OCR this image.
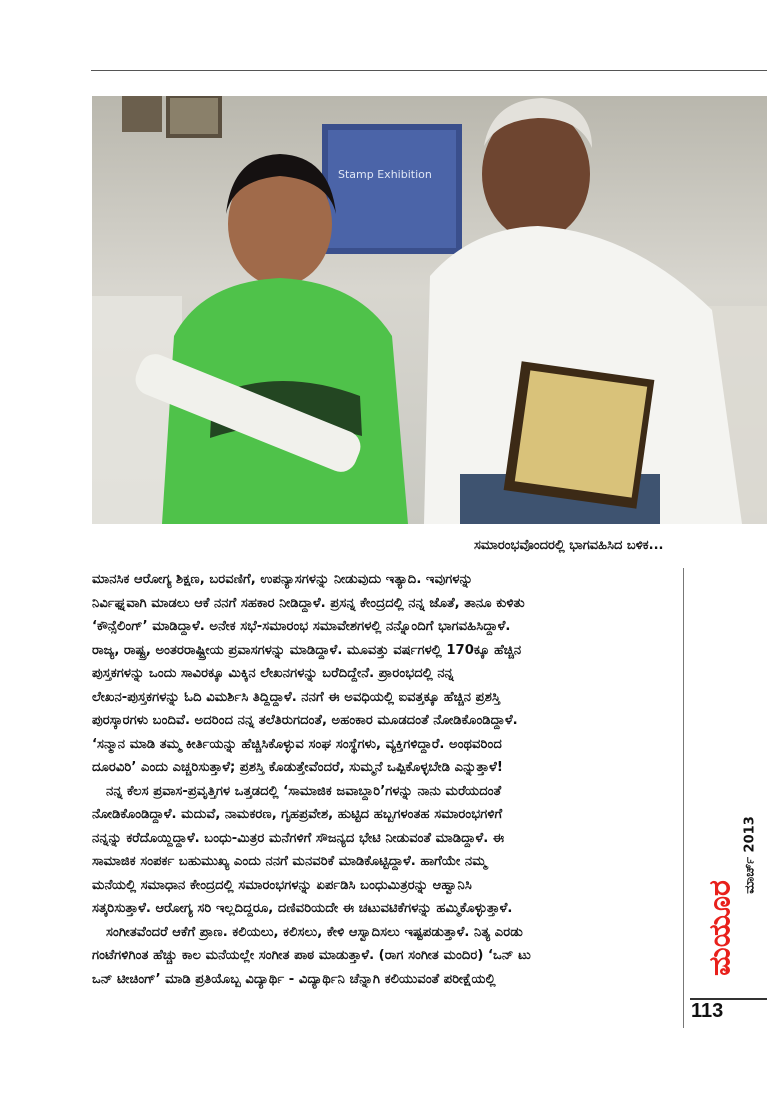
Stamp Exhibition
ಸಮಾರಂಭವೊಂದರಲ್ಲಿ ಭಾಗವಹಿಸಿದ ಬಳಿಕ...
ಮಾನಸಿಕ ಆರೋಗ್ಯ ಶಿಕ್ಷಣ, ಬರವಣಿಗೆ, ಉಪನ್ಯಾಸಗಳನ್ನು ನೀಡುವುದು ಇತ್ಯಾದಿ. ಇವುಗಳನ್ನು
ನಿರ್ವಿಘ್ನವಾಗಿ ಮಾಡಲು ಆಕೆ ನನಗೆ ಸಹಕಾರ ನೀಡಿದ್ದಾಳೆ. ಪ್ರಸನ್ನ ಕೇಂದ್ರದಲ್ಲಿ ನನ್ನ ಜೊತೆ, ತಾನೂ ಕುಳಿತು
‘ಕೌನ್ಸೆಲಿಂಗ್’ ಮಾಡಿದ್ದಾಳೆ. ಅನೇಕ ಸಭೆ-ಸಮಾರಂಭ ಸಮಾವೇಶಗಳಲ್ಲಿ ನನ್ನೊಂದಿಗೆ ಭಾಗವಹಿಸಿದ್ದಾಳೆ.
ರಾಜ್ಯ, ರಾಷ್ಟ್ರ, ಅಂತರರಾಷ್ಟ್ರೀಯ ಪ್ರವಾಸಗಳನ್ನು ಮಾಡಿದ್ದಾಳೆ. ಮೂವತ್ತು ವರ್ಷಗಳಲ್ಲಿ 170ಕ್ಕೂ ಹೆಚ್ಚಿನ
ಪುಸ್ತಕಗಳನ್ನು ಒಂದು ಸಾವಿರಕ್ಕೂ ಮಿಕ್ಕಿನ ಲೇಖನಗಳನ್ನು ಬರೆದಿದ್ದೇನೆ. ಪ್ರಾರಂಭದಲ್ಲಿ ನನ್ನ
ಲೇಖನ-ಪುಸ್ತಕಗಳನ್ನು ಓದಿ ವಿಮರ್ಶಿಸಿ ತಿದ್ದಿದ್ದಾಳೆ. ನನಗೆ ಈ ಅವಧಿಯಲ್ಲಿ ಐವತ್ತಕ್ಕೂ ಹೆಚ್ಚಿನ ಪ್ರಶಸ್ತಿ
ಪುರಸ್ಕಾರಗಳು ಬಂದಿವೆ. ಅದರಿಂದ ನನ್ನ ತಲೆತಿರುಗದಂತೆ, ಅಹಂಕಾರ ಮೂಡದಂತೆ ನೋಡಿಕೊಂಡಿದ್ದಾಳೆ.
‘ಸನ್ಮಾನ ಮಾಡಿ ತಮ್ಮ ಕೀರ್ತಿಯನ್ನು ಹೆಚ್ಚಿಸಿಕೊಳ್ಳುವ ಸಂಘ ಸಂಸ್ಥೆಗಳು, ವ್ಯಕ್ತಿಗಳಿದ್ದಾರೆ. ಅಂಥವರಿಂದ
ದೂರವಿರಿ’ ಎಂದು ಎಚ್ಚರಿಸುತ್ತಾಳೆ; ಪ್ರಶಸ್ತಿ ಕೊಡುತ್ತೇವೆಂದರೆ, ಸುಮ್ಮನೆ ಒಪ್ಪಿಕೊಳ್ಳಬೇಡಿ ಎನ್ನುತ್ತಾಳೆ!
ನನ್ನ ಕೆಲಸ ಪ್ರವಾಸ-ಪ್ರವೃತ್ತಿಗಳ ಒತ್ತಡದಲ್ಲಿ ‘ಸಾಮಾಜಿಕ ಜವಾಬ್ದಾರಿ’ಗಳನ್ನು ನಾನು ಮರೆಯದಂತೆ
ನೋಡಿಕೊಂಡಿದ್ದಾಳೆ. ಮದುವೆ, ನಾಮಕರಣ, ಗೃಹಪ್ರವೇಶ, ಹುಟ್ಟಿದ ಹಬ್ಬಗಳಂತಹ ಸಮಾರಂಭಗಳಿಗೆ
ನನ್ನನ್ನು ಕರೆದೊಯ್ದಿದ್ದಾಳೆ. ಬಂಧು-ಮಿತ್ರರ ಮನೆಗಳಿಗೆ ಸೌಜನ್ಯದ ಭೇಟಿ ನೀಡುವಂತೆ ಮಾಡಿದ್ದಾಳೆ. ಈ
ಸಾಮಾಜಿಕ ಸಂಪರ್ಕ ಬಹುಮುಖ್ಯ ಎಂದು ನನಗೆ ಮನವರಿಕೆ ಮಾಡಿಕೊಟ್ಟಿದ್ದಾಳೆ. ಹಾಗೆಯೇ ನಮ್ಮ
ಮನೆಯಲ್ಲಿ ಸಮಾಧಾನ ಕೇಂದ್ರದಲ್ಲಿ ಸಮಾರಂಭಗಳನ್ನು ಏರ್ಪಡಿಸಿ ಬಂಧುಮಿತ್ರರನ್ನು ಆಹ್ವಾನಿಸಿ
ಸತ್ಕರಿಸುತ್ತಾಳೆ. ಆರೋಗ್ಯ ಸರಿ ಇಲ್ಲದಿದ್ದರೂ, ದಣಿವರಿಯದೇ ಈ ಚಟುವಟಿಕೆಗಳನ್ನು ಹಮ್ಮಿಕೊಳ್ಳುತ್ತಾಳೆ.
ಸಂಗೀತವೆಂದರೆ ಆಕೆಗೆ ಪ್ರಾಣ. ಕಲಿಯಲು, ಕಲಿಸಲು, ಕೇಳಿ ಆಸ್ವಾದಿಸಲು ಇಷ್ಟಪಡುತ್ತಾಳೆ. ನಿತ್ಯ ಎರಡು
ಗಂಟೆಗಳಿಗಿಂತ ಹೆಚ್ಚು ಕಾಲ ಮನೆಯಲ್ಲೇ ಸಂಗೀತ ಪಾಠ ಮಾಡುತ್ತಾಳೆ. (ರಾಗ ಸಂಗೀತ ಮಂದಿರ) ‘ಒನ್ ಟು
ಒನ್ ಟೀಚಿಂಗ್’ ಮಾಡಿ ಪ್ರತಿಯೊಬ್ಬ ವಿದ್ಯಾರ್ಥಿ - ವಿದ್ಯಾರ್ಥಿನಿ ಚೆನ್ನಾಗಿ ಕಲಿಯುವಂತೆ ಪರೀಕ್ಷೆಯಲ್ಲಿ
ಮಯೂರ
ಮಾರ್ಚ್ 2013
113
